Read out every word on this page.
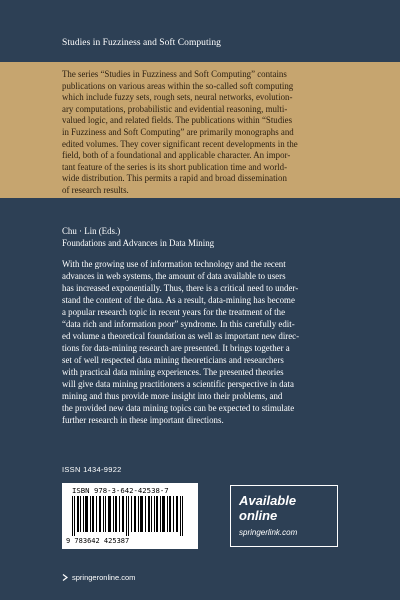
Studies in Fuzziness and Soft Computing
The series “Studies in Fuzziness and Soft Computing” contains
publications on various areas within the so-called soft computing
which include fuzzy sets, rough sets, neural networks, evolution-
ary computations, probabilistic and evidential reasoning, multi-
valued logic, and related fields. The publications within “Studies
in Fuzziness and Soft Computing” are primarily monographs and
edited volumes. They cover significant recent developments in the
field, both of a foundational and applicable character. An impor-
tant feature of the series is its short publication time and world-
wide distribution. This permits a rapid and broad dissemination
of research results.
Chu · Lin (Eds.)
Foundations and Advances in Data Mining
With the growing use of information technology and the recent
advances in web systems, the amount of data available to users
has increased exponentially. Thus, there is a critical need to under-
stand the content of the data. As a result, data-mining has become
a popular research topic in recent years for the treatment of the
“data rich and information poor” syndrome. In this carefully edit-
ed volume a theoretical foundation as well as important new direc-
tions for data-mining research are presented. It brings together a
set of well respected data mining theoreticians and researchers
with practical data mining experiences. The presented theories
will give data mining practitioners a scientific perspective in data
mining and thus provide more insight into their problems, and
the provided new data mining topics can be expected to stimulate
further research in these important directions.
ISSN 1434-9922
ISBN 978-3-642-42538-7
9 783642 425387
Available
online
springerlink.com
springeronline.com
